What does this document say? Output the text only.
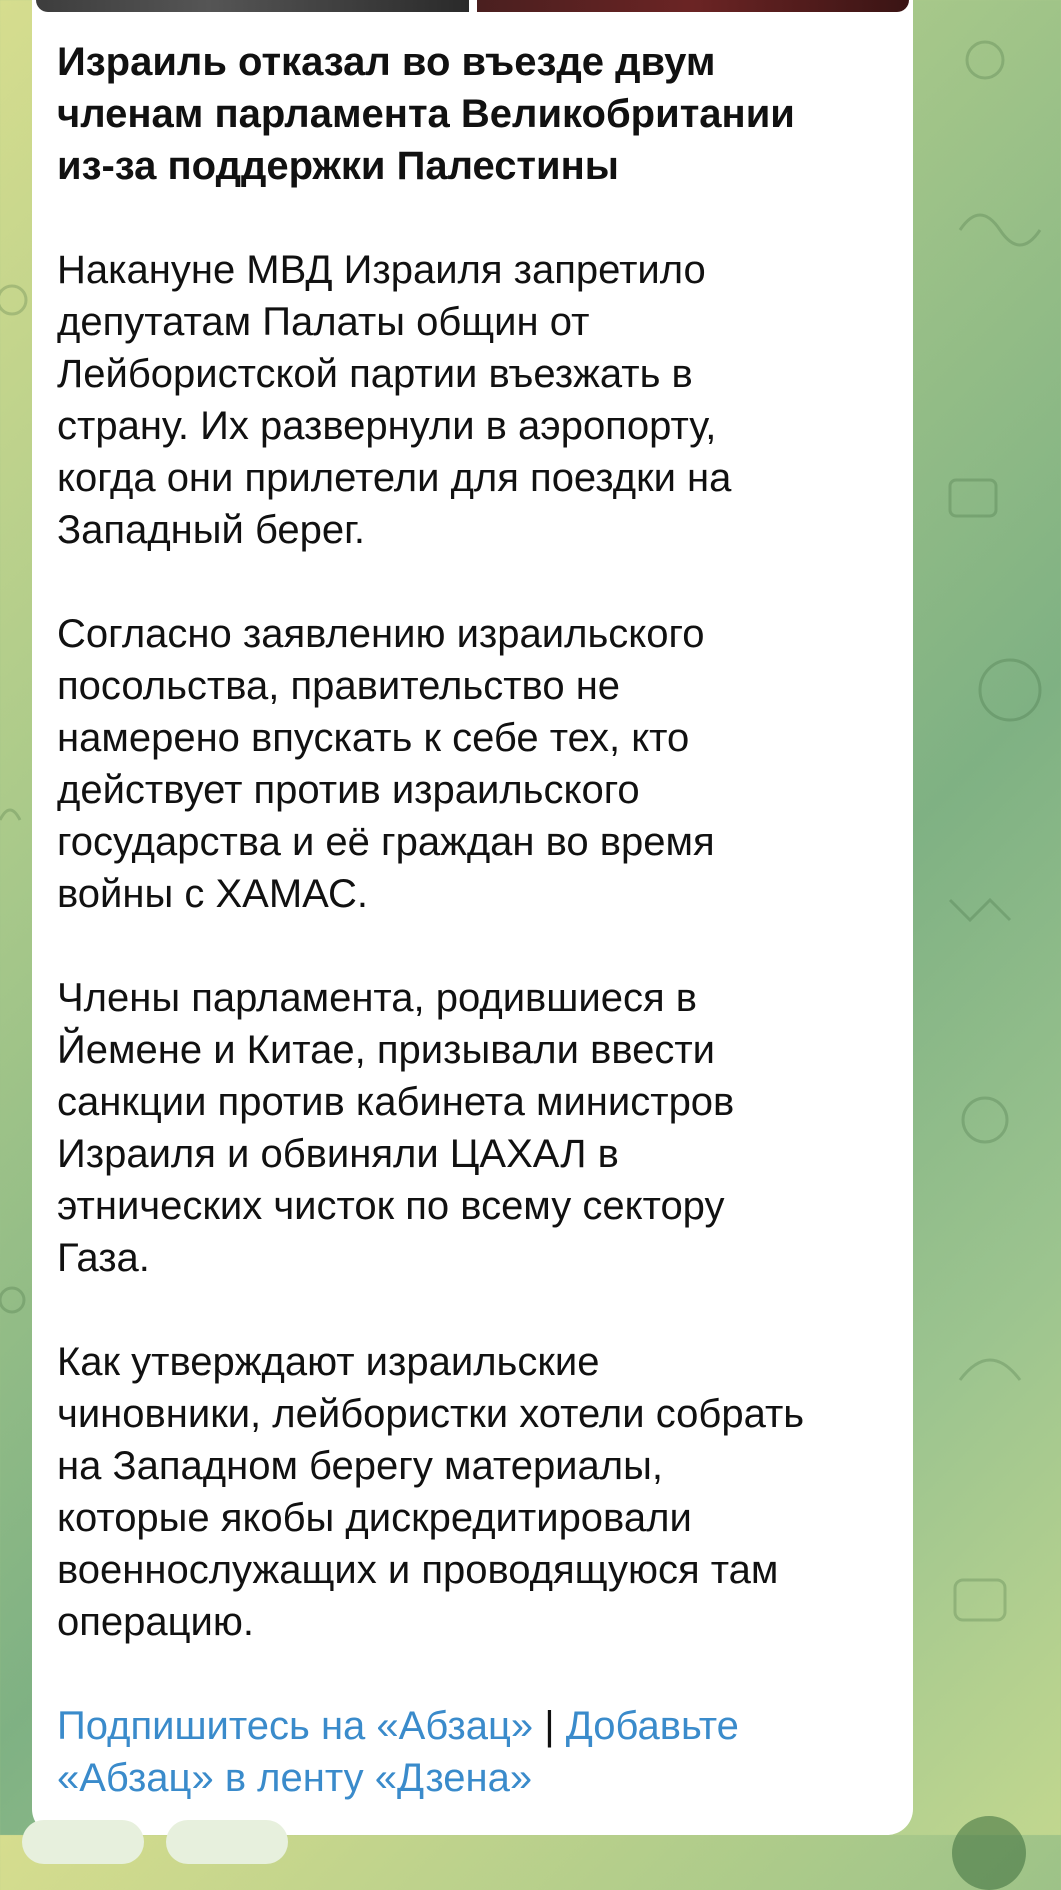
Израиль отказал во въезде двум
членам парламента Великобритании
из-за поддержки Палестины

Накануне МВД Израиля запретило
депутатам Палаты общин от
Лейбористской партии въезжать в
страну. Их развернули в аэропорту,
когда они прилетели для поездки на
Западный берег.

Согласно заявлению израильского
посольства, правительство не
намерено впускать к себе тех, кто
действует против израильского
государства и её граждан во время
войны с ХАМАС.

Члены парламента, родившиеся в
Йемене и Китае, призывали ввести
санкции против кабинета министров
Израиля и обвиняли ЦАХАЛ в
этнических чисток по всему сектору
Газа.

Как утверждают израильские
чиновники, лейбористки хотели собрать
на Западном берегу материалы,
которые якобы дискредитировали
военнослужащих и проводящуюся там
операцию.

Подпишитесь на «Абзац» | Добавьте
«Абзац» в ленту «Дзена»
